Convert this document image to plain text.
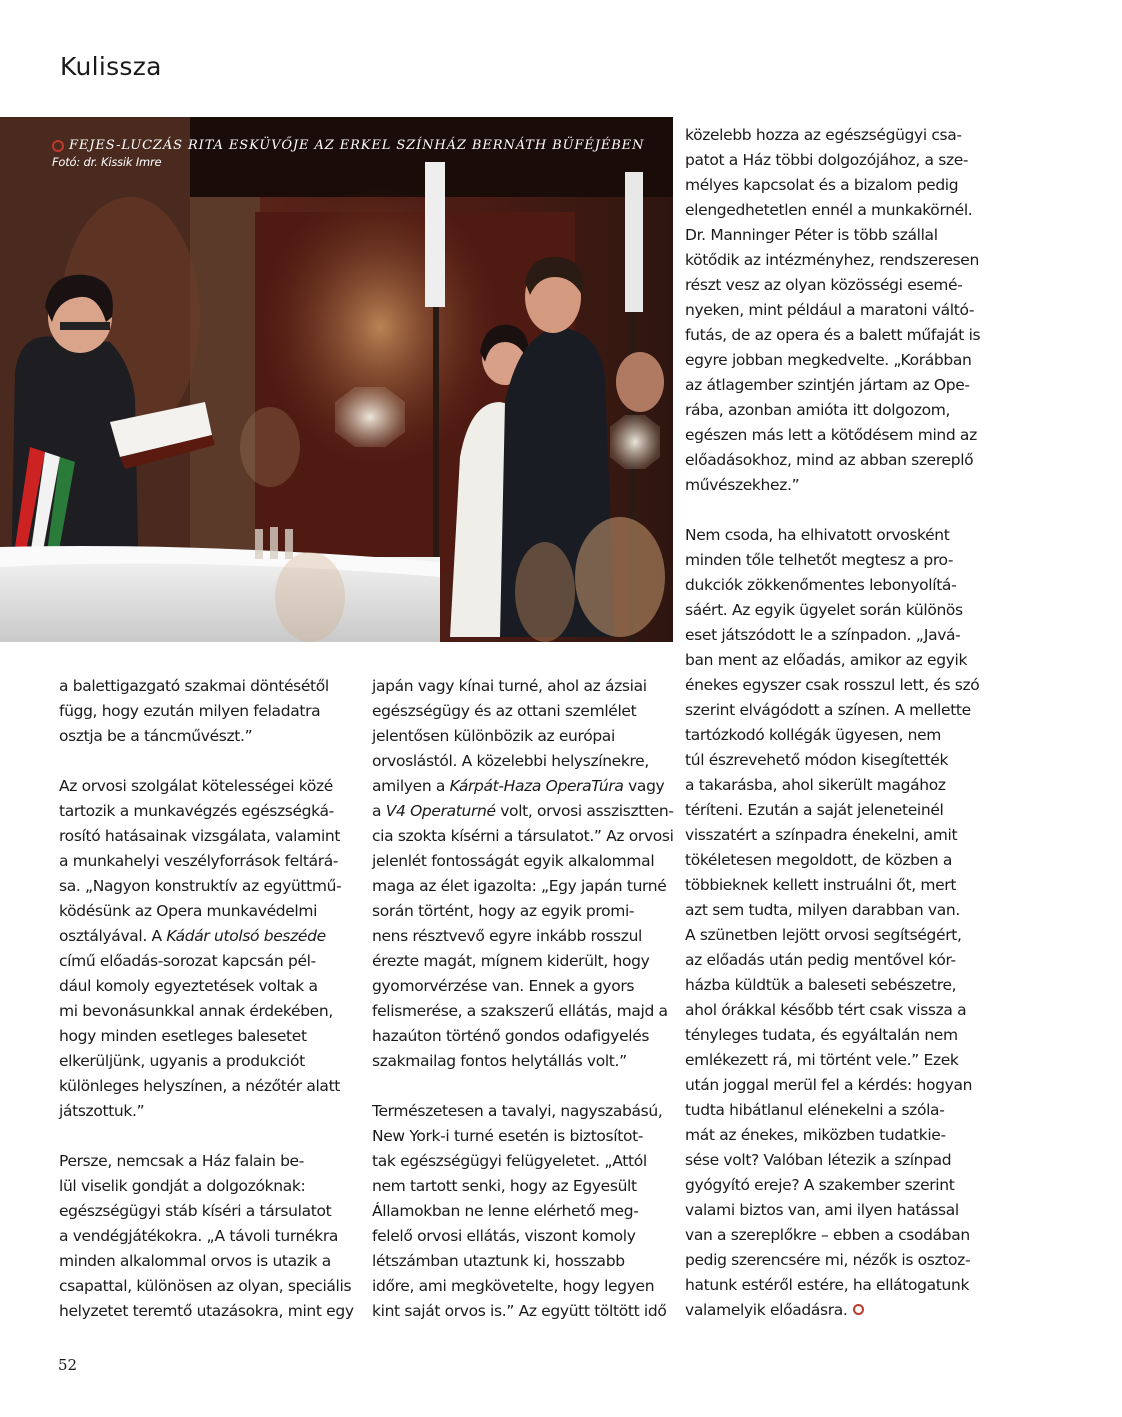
Kulissza
FEJES-LUCZÁS RITA ESKÜVŐJE AZ ERKEL SZÍNHÁZ BERNÁTH BÜFÉJÉBEN
Fotó: dr. Kissik Imre
a balettigazgató szakmai döntésétől
függ, hogy ezután milyen feladatra
osztja be a táncművészt.”
Az orvosi szolgálat kötelességei közé
tartozik a munkavégzés egészségká-
rosító hatásainak vizsgálata, valamint
a munkahelyi veszélyforrások feltárá-
sa. „Nagyon konstruktív az együttmű-
ködésünk az Opera munkavédelmi
osztályával. A Kádár utolsó beszéde
című előadás-sorozat kapcsán pél-
dául komoly egyeztetések voltak a
mi bevonásunkkal annak érdekében,
hogy minden esetleges balesetet
elkerüljünk, ugyanis a produkciót
különleges helyszínen, a nézőtér alatt
játszottuk.”
Persze, nemcsak a Ház falain be-
lül viselik gondját a dolgozóknak:
egészségügyi stáb kíséri a társulatot
a vendégjátékokra. „A távoli turnékra
minden alkalommal orvos is utazik a
csapattal, különösen az olyan, speciális
helyzetet teremtő utazásokra, mint egy
japán vagy kínai turné, ahol az ázsiai
egészségügy és az ottani szemlélet
jelentősen különbözik az európai
orvoslástól. A közelebbi helyszínekre,
amilyen a Kárpát-Haza OperaTúra vagy
a V4 Operaturné volt, orvosi asszisztten-
cia szokta kísérni a társulatot.” Az orvosi
jelenlét fontosságát egyik alkalommal
maga az élet igazolta: „Egy japán turné
során történt, hogy az egyik promi-
nens résztvevő egyre inkább rosszul
érezte magát, mígnem kiderült, hogy
gyomorvérzése van. Ennek a gyors
felismerése, a szakszerű ellátás, majd a
hazaúton történő gondos odafigyelés
szakmailag fontos helytállás volt.”
Természetesen a tavalyi, nagyszabású,
New York-i turné esetén is biztosítot-
tak egészségügyi felügyeletet. „Attól
nem tartott senki, hogy az Egyesült
Államokban ne lenne elérhető meg-
felelő orvosi ellátás, viszont komoly
létszámban utaztunk ki, hosszabb
időre, ami megkövetelte, hogy legyen
kint saját orvos is.” Az együtt töltött idő
közelebb hozza az egészségügyi csa-
patot a Ház többi dolgozójához, a sze-
mélyes kapcsolat és a bizalom pedig
elengedhetetlen ennél a munkakörnél.
Dr. Manninger Péter is több szállal
kötődik az intézményhez, rendszeresen
részt vesz az olyan közösségi esemé-
nyeken, mint például a maratoni váltó-
futás, de az opera és a balett műfaját is
egyre jobban megkedvelte. „Korábban
az átlagember szintjén jártam az Ope-
rába, azonban amióta itt dolgozom,
egészen más lett a kötődésem mind az
előadásokhoz, mind az abban szereplő
művészekhez.”
Nem csoda, ha elhivatott orvosként
minden tőle telhetőt megtesz a pro-
dukciók zökkenőmentes lebonyolítá-
sáért. Az egyik ügyelet során különös
eset játszódott le a színpadon. „Javá-
ban ment az előadás, amikor az egyik
énekes egyszer csak rosszul lett, és szó
szerint elvágódott a színen. A mellette
tartózkodó kollégák ügyesen, nem
túl észrevehető módon kisegítették
a takarásba, ahol sikerült magához
téríteni. Ezután a saját jeleneteinél
visszatért a színpadra énekelni, amit
tökéletesen megoldott, de közben a
többieknek kellett instruálni őt, mert
azt sem tudta, milyen darabban van.
A szünetben lejött orvosi segítségért,
az előadás után pedig mentővel kór-
házba küldtük a baleseti sebészetre,
ahol órákkal később tért csak vissza a
tényleges tudata, és egyáltalán nem
emlékezett rá, mi történt vele.” Ezek
után joggal merül fel a kérdés: hogyan
tudta hibátlanul elénekelni a szóla-
mát az énekes, miközben tudatkie-
sése volt? Valóban létezik a színpad
gyógyító ereje? A szakember szerint
valami biztos van, ami ilyen hatással
van a szereplőkre – ebben a csodában
pedig szerencsére mi, nézők is osztoz-
hatunk estéről estére, ha ellátogatunk
valamelyik előadásra.
52
